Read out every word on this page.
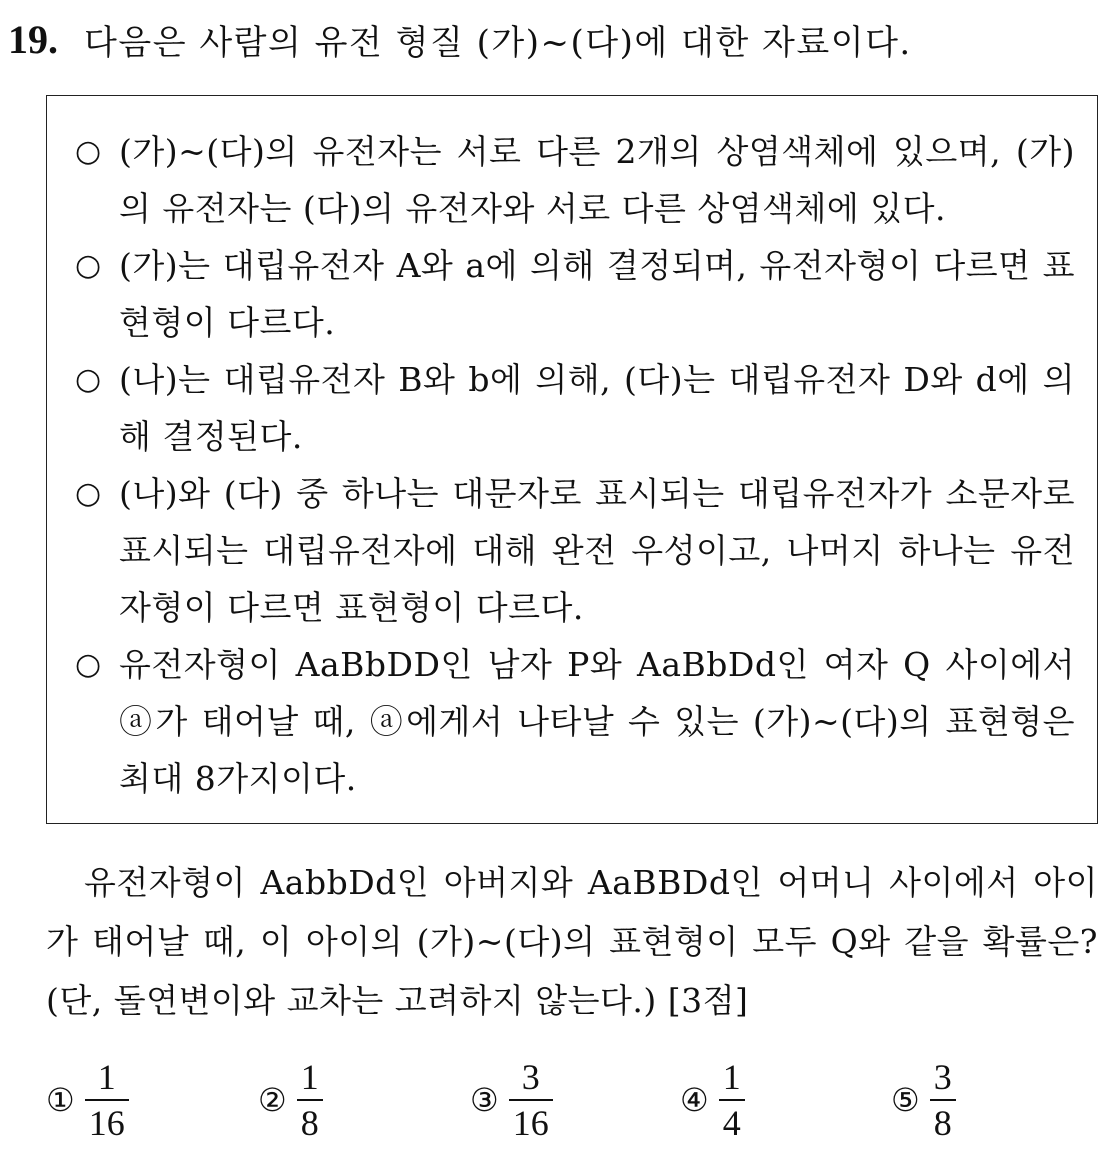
19. 다음은 사람의 유전 형질 (가)~(다)에 대한 자료이다.
○ (가)~(다)의 유전자는 서로 다른 2개의 상염색체에 있으며, (가)의 유전자는 (다)의 유전자와 서로 다른 상염색체에 있다.
○ (가)는 대립유전자 A와 a에 의해 결정되며, 유전자형이 다르면 표현형이 다르다.
○ (나)는 대립유전자 B와 b에 의해, (다)는 대립유전자 D와 d에 의해 결정된다.
○ (나)와 (다) 중 하나는 대문자로 표시되는 대립유전자가 소문자로 표시되는 대립유전자에 대해 완전 우성이고, 나머지 하나는 유전자형이 다르면 표현형이 다르다.
○ 유전자형이 AaBbDD인 남자 P와 AaBbDd인 여자 Q 사이에서 ⓐ가 태어날 때, ⓐ에게서 나타날 수 있는 (가)~(다)의 표현형은 최대 8가지이다.

유전자형이 AabbDd인 아버지와 AaBBDd인 어머니 사이에서 아이가 태어날 때, 이 아이의 (가)~(다)의 표현형이 모두 Q와 같을 확률은? (단, 돌연변이와 교차는 고려하지 않는다.) [3점]

① $\frac{1}{16}$	② $\frac{1}{8}$	③ $\frac{3}{16}$	④ $\frac{1}{4}$	⑤ $\frac{3}{8}$
